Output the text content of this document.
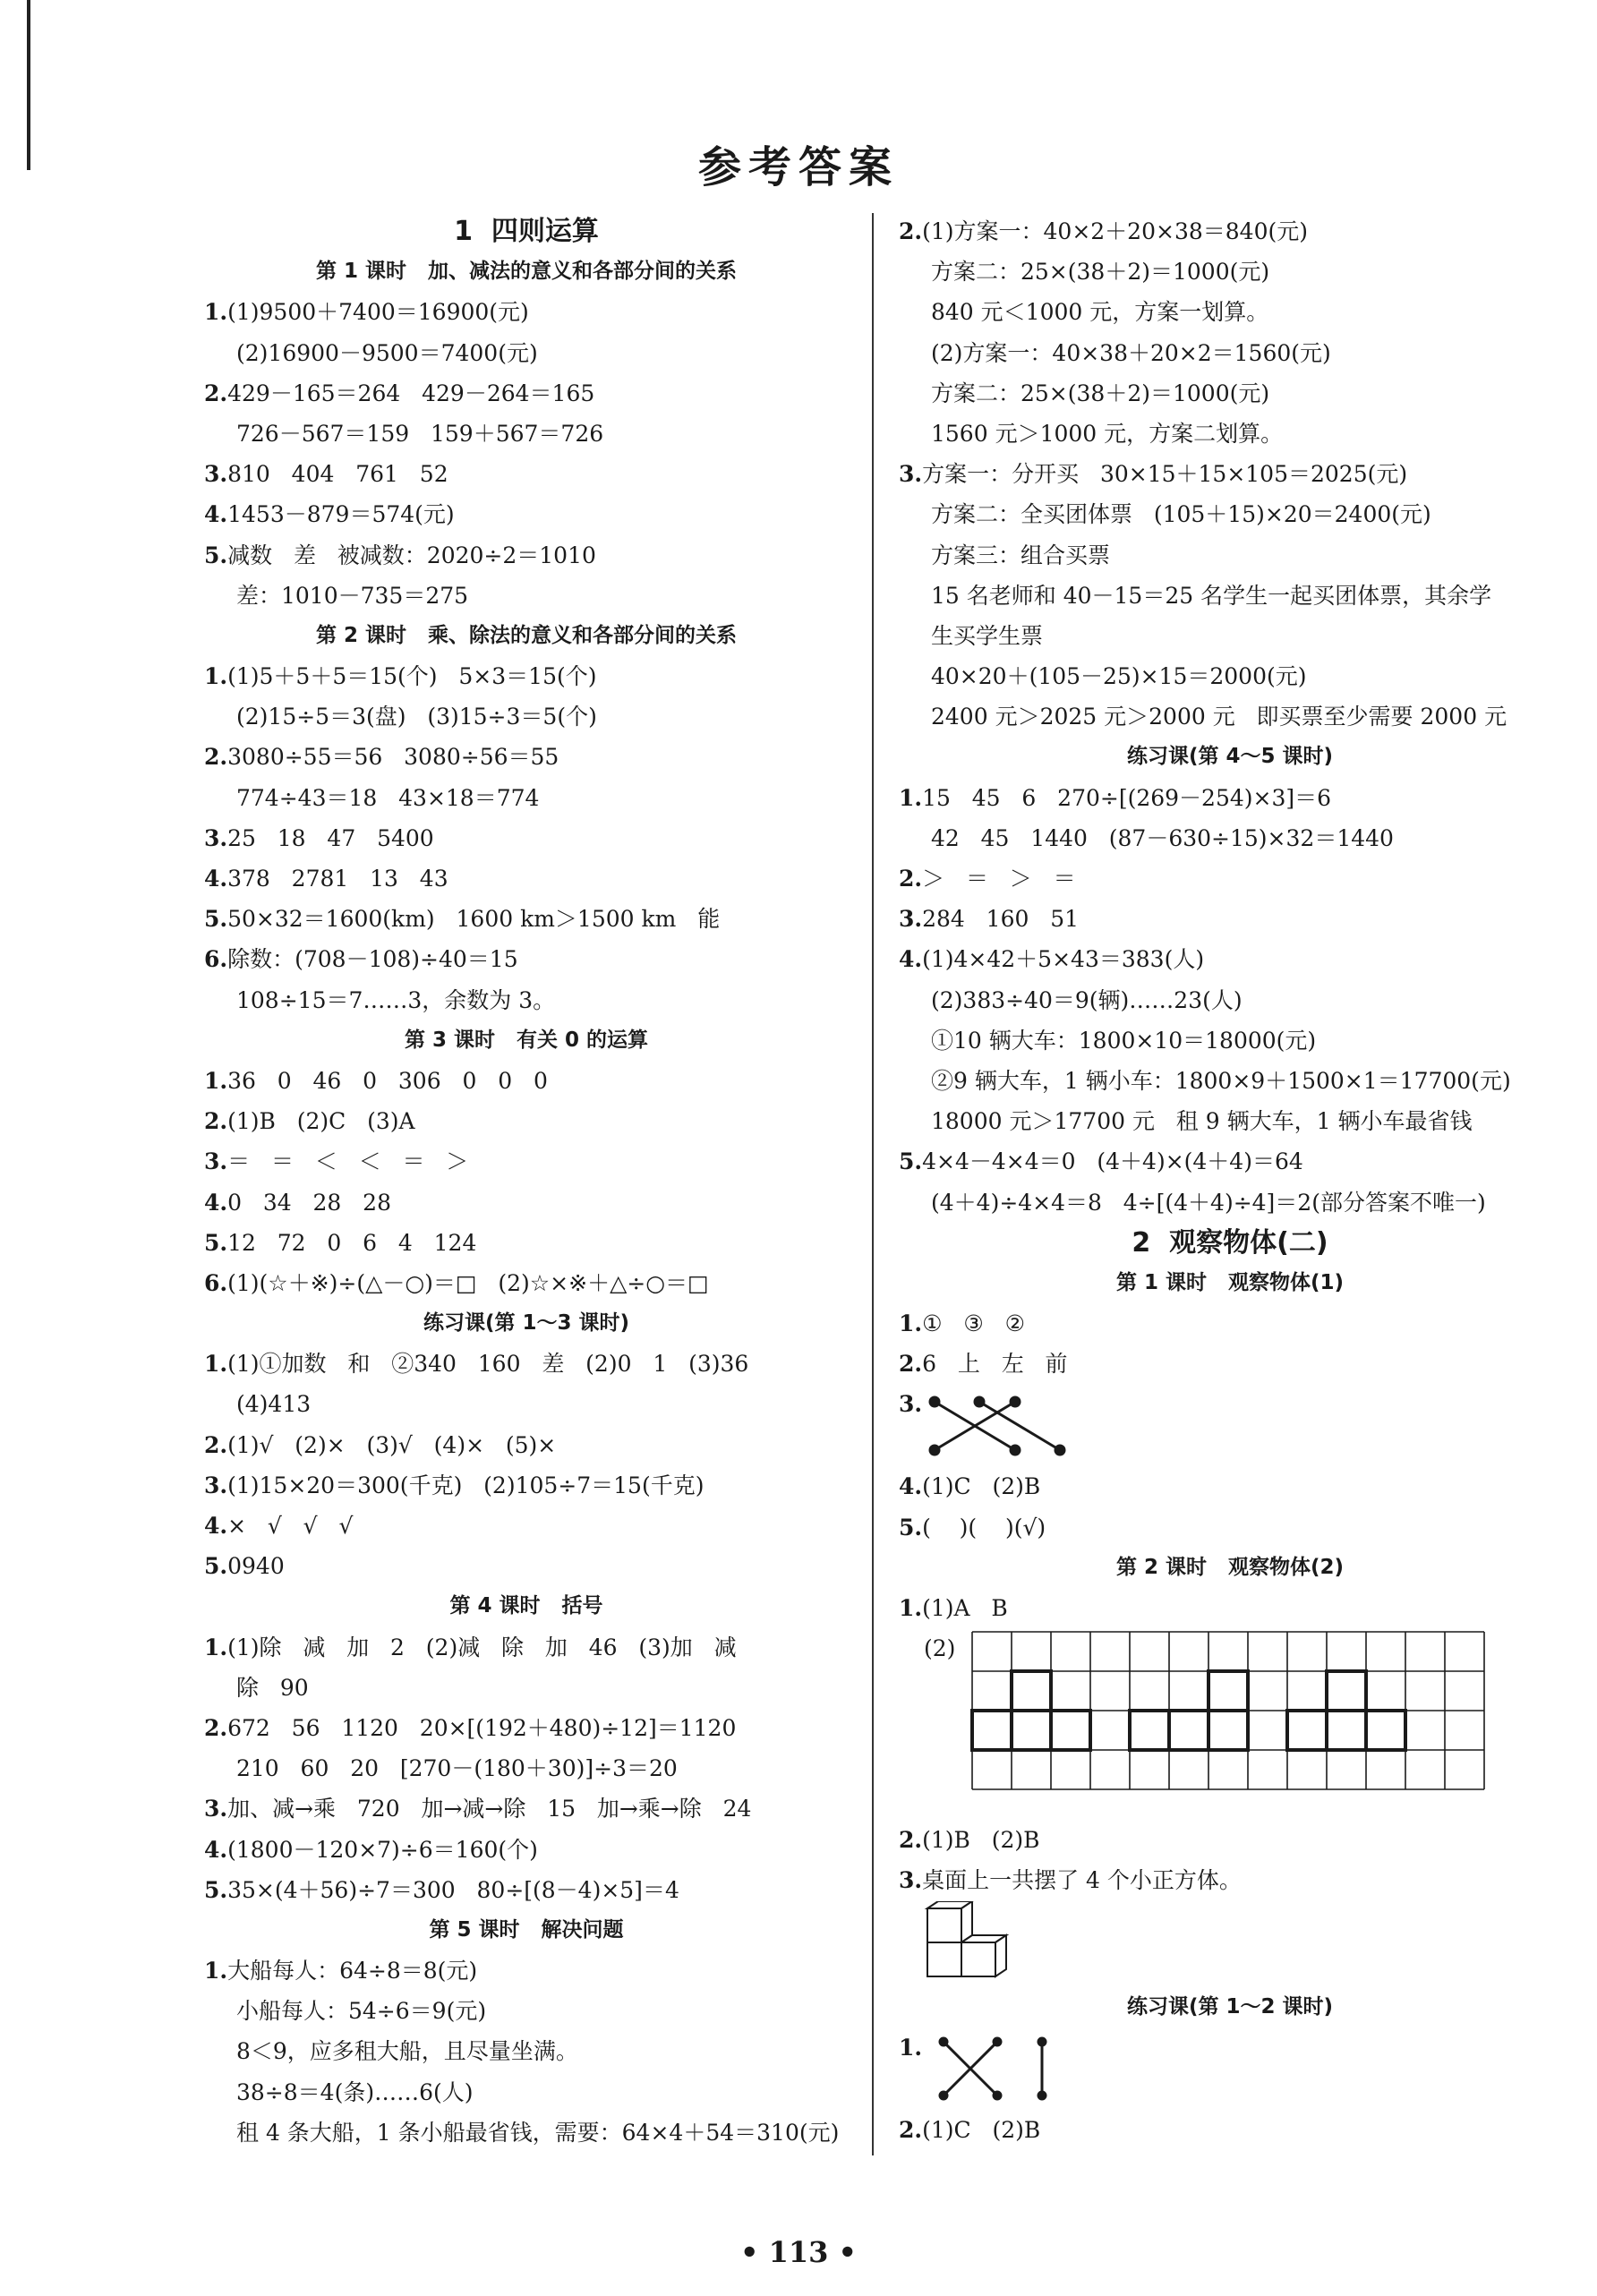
参考答案
1  四则运算
第 1 课时   加、减法的意义和各部分间的关系
1.(1)9500＋7400＝16900(元)
(2)16900－9500＝7400(元)
2.429－165＝264   429－264＝165
726－567＝159   159＋567＝726
3.810   404   761   52
4.1453－879＝574(元)
5.减数   差   被减数：2020÷2＝1010
差：1010－735＝275
第 2 课时   乘、除法的意义和各部分间的关系
1.(1)5＋5＋5＝15(个)   5×3＝15(个)
(2)15÷5＝3(盘)   (3)15÷3＝5(个)
2.3080÷55＝56   3080÷56＝55
774÷43＝18   43×18＝774
3.25   18   47   5400
4.378   2781   13   43
5.50×32＝1600(km)   1600 km＞1500 km   能
6.除数：(708－108)÷40＝15
108÷15＝7……3，余数为 3。
第 3 课时   有关 0 的运算
1.36   0   46   0   306   0   0   0
2.(1)B   (2)C   (3)A
3.＝   ＝   ＜   ＜   ＝   ＞
4.0   34   28   28
5.12   72   0   6   4   124
6.(1)(☆＋※)÷(△－○)＝□   (2)☆×※＋△÷○＝□
练习课(第 1～3 课时)
1.(1)①加数   和   ②340   160   差   (2)0   1   (3)36
(4)413
2.(1)√   (2)×   (3)√   (4)×   (5)×
3.(1)15×20＝300(千克)   (2)105÷7＝15(千克)
4.×   √   √   √
5.0940
第 4 课时   括号
1.(1)除   减   加   2   (2)减   除   加   46   (3)加   减
除   90
2.672   56   1120   20×[(192＋480)÷12]＝1120
210   60   20   [270－(180＋30)]÷3＝20
3.加、减→乘   720   加→减→除   15   加→乘→除   24
4.(1800－120×7)÷6＝160(个)
5.35×(4＋56)÷7＝300   80÷[(8－4)×5]＝4
第 5 课时   解决问题
1.大船每人：64÷8＝8(元)
小船每人：54÷6＝9(元)
8＜9，应多租大船，且尽量坐满。
38÷8＝4(条)……6(人)
租 4 条大船，1 条小船最省钱，需要：64×4＋54＝310(元)
2.(1)方案一：40×2＋20×38＝840(元)
方案二：25×(38＋2)＝1000(元)
840 元＜1000 元，方案一划算。
(2)方案一：40×38＋20×2＝1560(元)
方案二：25×(38＋2)＝1000(元)
1560 元＞1000 元，方案二划算。
3.方案一：分开买   30×15＋15×105＝2025(元)
方案二：全买团体票   (105＋15)×20＝2400(元)
方案三：组合买票
15 名老师和 40－15＝25 名学生一起买团体票，其余学
生买学生票
40×20＋(105－25)×15＝2000(元)
2400 元＞2025 元＞2000 元   即买票至少需要 2000 元
练习课(第 4～5 课时)
1.15   45   6   270÷[(269－254)×3]＝6
42   45   1440   (87－630÷15)×32＝1440
2.＞   ＝   ＞   ＝
3.284   160   51
4.(1)4×42＋5×43＝383(人)
(2)383÷40＝9(辆)……23(人)
①10 辆大车：1800×10＝18000(元)
②9 辆大车，1 辆小车：1800×9＋1500×1＝17700(元)
18000 元＞17700 元   租 9 辆大车，1 辆小车最省钱
5.4×4－4×4＝0   (4＋4)×(4＋4)＝64
(4＋4)÷4×4＝8   4÷[(4＋4)÷4]＝2(部分答案不唯一)
2  观察物体(二)
第 1 课时   观察物体(1)
1.①   ③   ②
2.6   上   左   前
3.
4.(1)C   (2)B
5.(    )(    )(√)
第 2 课时   观察物体(2)
1.(1)A   B
(2)
2.(1)B   (2)B
3.桌面上一共摆了 4 个小正方体。
练习课(第 1～2 课时)
1.
2.(1)C   (2)B
• 113 •
